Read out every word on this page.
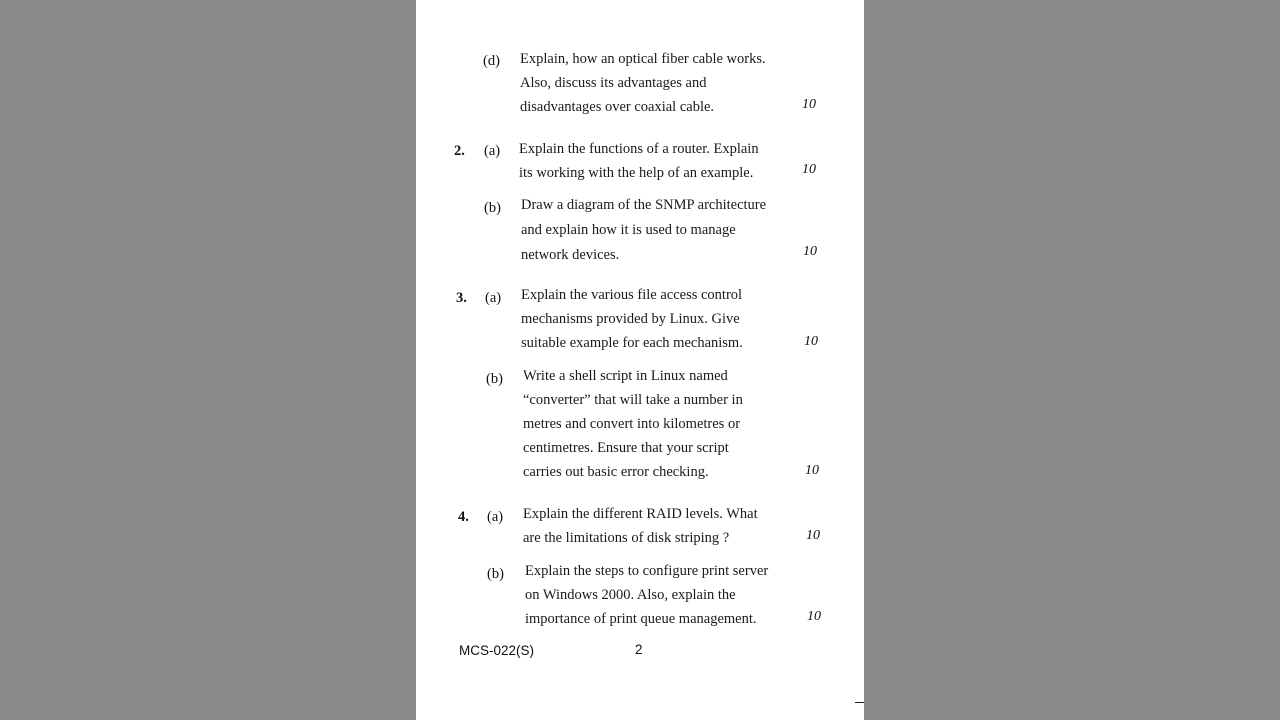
(d) Explain, how an optical fiber cable works.
Also, discuss its advantages and
disadvantages over coaxial cable.	10
2. (a) Explain the functions of a router. Explain
its working with the help of an example.	10
(b) Draw a diagram of the SNMP architecture
and explain how it is used to manage
network devices.	10
3. (a) Explain the various file access control
mechanisms provided by Linux. Give
suitable example for each mechanism.	10
(b) Write a shell script in Linux named
“converter” that will take a number in
metres and convert into kilometres or
centimetres. Ensure that your script
carries out basic error checking.	10
4. (a) Explain the different RAID levels. What
are the limitations of disk striping ?	10
(b) Explain the steps to configure print server
on Windows 2000. Also, explain the
importance of print queue management.	10
MCS-022(S)	2
